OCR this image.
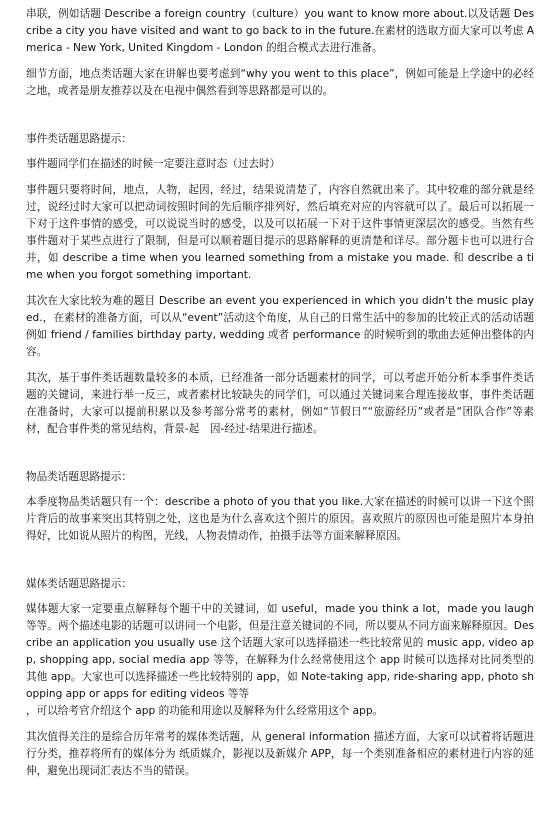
串联，例如话题 Describe a foreign country（culture）you want to know more about.以及话题 Describe a city you have visited and want to go back to in the future.在素材的选取方面大家可以考虑 America - New York, United Kingdom - London 的组合模式去进行准备。

细节方面，地点类话题大家在讲解也要考虑到“why you went to this place”，例如可能是上学途中的必经之地，或者是朋友推荐以及在电视中偶然看到等思路都是可以的。

事件类话题思路提示：

事件题同学们在描述的时候一定要注意时态（过去时）

事件题只要将时间，地点，人物，起因，经过，结果说清楚了，内容自然就出来了。其中较难的部分就是经过，说经过时大家可以把动词按照时间的先后顺序排列好，然后填充对应的内容就可以了。最后可以拓展一下对于这件事情的感受，可以说说当时的感受，以及可以拓展一下对于这件事情更深层次的感受。当然有些事件题对于某些点进行了限制，但是可以顺着题目提示的思路解释的更清楚和详尽。部分题卡也可以进行合并，如 describe a time when you learned something from a mistake you made. 和 describe a time when you forgot something important.

其次在大家比较为难的题目 Describe an event you experienced in which you didn't the music played.，在素材的准备方面，可以从“event”活动这个角度，从自己的日常生活中的参加的比较正式的活动话题例如 friend / families birthday party, wedding 或者 performance 的时候听到的歌曲去延伸出整体的内容。

其次，基于事件类话题数量较多的本质，已经准备一部分话题素材的同学，可以考虑开始分析本季事件类话题的关键词，来进行举一反三，或者素材比较缺失的同学们，可以通过关键词来合理连接故事，事件类话题在准备时，大家可以提前积累以及参考部分常考的素材，例如“节假日”“旅游经历”或者是“团队合作”等素材，配合事件类的常见结构，背景-起　因-经过-结果进行描述。

物品类话题思路提示：

本季度物品类话题只有一个：describe a photo of you that you like.大家在描述的时候可以讲一下这个照片背后的故事来突出其特别之处，这也是为什么喜欢这个照片的原因。喜欢照片的原因也可能是照片本身拍得好，比如说从照片的构图，光线，人物表情动作，拍摄手法等方面来解释原因。

媒体类话题思路提示：

媒体题大家一定要重点解释每个题干中的关键词，如 useful，made you think a lot，made you laugh 等等。两个描述电影的话题可以讲同一个电影，但是注意关键词的不同，所以要从不同方面来解释原因。Describe an application you usually use 这个话题大家可以选择描述一些比较常见的 music app, video app, shopping app, social media app 等等，在解释为什么经常使用这个 app 时候可以选择对比同类型的其他 app。大家也可以选择描述一些比较特别的 app，如 Note-taking app, ride-sharing app, photo shopping app or apps for editing videos 等等

，可以给考官介绍这个 app 的功能和用途以及解释为什么经常用这个 app。

其次值得关注的是综合历年常考的媒体类话题，从 general information 描述方面，大家可以试着将话题进行分类，推荐将所有的媒体分为 纸质媒介，影视以及新媒介 APP，每一个类别准备相应的素材进行内容的延伸，避免出现词汇表达不当的错误。
